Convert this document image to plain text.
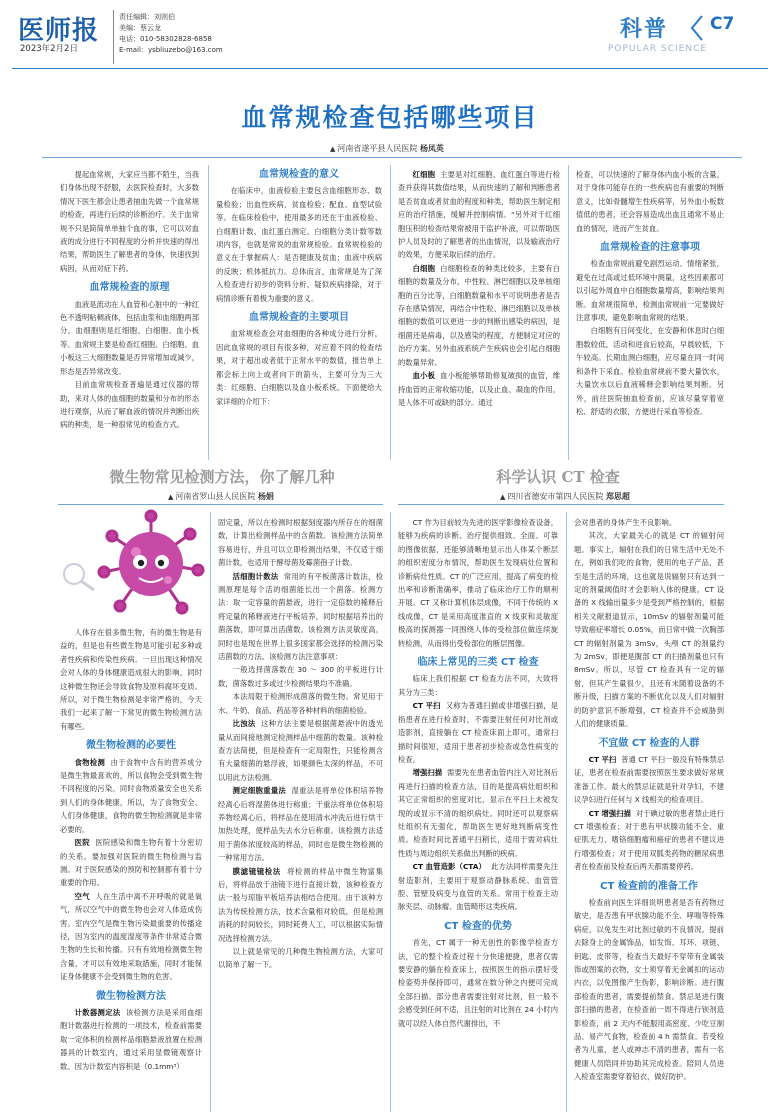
医师报
2023年2月2日
责任编辑：刘则伯
美编：蔡云龙
电话：010-58302828-6858
E-mail：ysbliuzebo@163.com
科普 C7
POPULAR SCIENCE
血常规检查包括哪些项目
▲ 河南省遂平县人民医院 杨凤英

提起血常规，大家应当都不陌生，当我们身体出现不舒服，去医院检查时，大多数情况下医生都会让患者抽血先做一个血常规的检查，再进行后续的诊断治疗。关于血常规不只是简简单单抽个血的事，它可以对血液的成分进行不同程度的分析并快速的得出结果，帮助医生了解患者的身体，快速找到病因，从而对症下药。

血常规检查的原理

血液是流动在人血管和心脏中的一种红色不透明粘稠液体，包括血浆和血细胞两部分，血细胞则是红细胞、白细胞、血小板等。血常规主要是检查红细胞、白细胞、血小板这三大细胞数量是否异常增加或减少，形态是否异常改变。

目前血常规检查普遍是通过仪器的帮助，来对人体的血细胞的数量和分布的形态进行观察，从而了解血液的情况并判断出疾病的种类，是一种很常见的检查方式。

血常规检查的意义

在临床中，血液检验主要包含血细胞形态、数量检验；出血性疾病、贫血检验；配血、血型试验等。在临床检验中，使用最多的还在于血液检验、白细胞计数、血红蛋白测定、白细胞分类计数等数项内容，也就是常说的血常规检验。血常规检验的意义在于掌握病人：是否健康及贫血；血液中疾病的反映；机体抵抗力。总体而言，血常规是为了深入检查进行初步的资料分析、疑似疾病排除，对于病情诊断有着极为重要的意义。

血常规检查的主要项目

血常规检查会对血细胞的各种成分进行分析，因此血常规的项目有很多种，对应着不同的检查结果，对于超出或者低于正常水平的数值，报告单上都会标上向上或者向下的箭头，主要可分为三大类：红细胞、白细胞以及血小板系统。下面便给大家详细的介绍下：

红细胞 主要是对红细胞、血红蛋白等进行检查并获得其数值结果，从而快速的了解和判断患者是否贫血或者贫血的程度和种类，帮助医生制定相应的治疗措施，缓解并控制病情。“另外对于红细胞压积的检查结果常被用于监护补液，可以帮助医护人员及时的了解患者的出血情况，以及输液治疗的效果，方便采取后续的治疗。

白细胞 白细胞检查的种类比较多，主要有白细胞的数量及分布，中性粒、淋巴细胞以及单核细胞的百分比等，白细胞数量和水平可说明患者是否存在感染情况，再结合中性粒、淋巴细胞以及单核细胞的数值可以更进一步的判断出感染的病因，是细菌还是病毒，以及感染的程度，方便制定对应的治疗方案。另外血液系统产生疾病也会引起白细胞的数量异常。

血小板 血小板能够帮助修复破损的血管，维持血管的正常收缩功能，以及止血、凝血的作用，是人体不可或缺的部分。通过

检查，可以快速的了解身体内血小板的含量，对于身体可能存在的一些疾病也有重要的判断意义，比如骨髓增生性疾病等，另外血小板数值低的患者，还会容易造成出血且通常不易止血的情况，进而产生贫血。

血常规检查的注意事项

检查血常规前避免剧烈运动、情绪紧张，避免在过高或过低环境中测量，这些因素都可以引起外周血中白细胞数量增高，影响结果判断。血常规很简单，检测血常规前一定要做好注意事项，避免影响血常规的结果。

白细胞有日间变化，在安静和休息时白细胞数较低，活动和进食后较高，早晨较低，下午较高。长期血测白细胞，应尽量在同一时间和条件下采血。检验血常规前不要大量饮水，大量饮水以后血液稀释会影响结果判断。另外，前往医院抽血检查前，应该尽量穿着宽松、舒适的衣服，方便进行采血等检查。

微生物常见检测方法，你了解几种
▲ 河南省罗山县人民医院 杨娟

人体存在很多微生物，有的微生物是有益的，但是也有些微生物是可能引起多种或者性疾病和传染性疾病。一旦出现这种情况会对人体的身体健康造成很大的影响，同时这种微生物还会导致食物及原料腐坏变质。所以，对于微生物检测是非常严格的，今天我们一起来了解一下常见的微生物检测方法有哪些。

微生物检测的必要性

食物检测 由于食物中含有的营养成分是微生物最喜欢的，所以食物会受到微生物不同程度的污染。同时食物质量安全也关系到人们的身体健康，所以，为了食物安全、人们身体健康，食物的微生物检测就是非常必要的。

医院 医院感染和微生物有着十分密切的关系，要加强对医院的微生物检测与监测。对于医院感染的预防和控制都有着十分重要的作用。

空气 人在生活中离不开呼吸的就是氧气，所以空气中的微生物也会对人体造成伤害。室内空气是微生物污染最重要的传播途径，因为室内的温度湿度等条件非常适合微生物的生长和传播。只有有效地检测微生物含量，才可以有效地采取措施，同时才能保证身体健康不会受到微生物的危害。

微生物检测方法

计数器测定法 该检测方法是采用血细胞计数器进行检测的一项技术，检查前需要取一定体积的检测样品细胞悬液放置在检测器具的计数室内，通过采用显微镜观察计数。因为计数室内容积是（0.1mm³）

固定量，所以在检测时根据刻度器内所存在的细菌数，计算出检测样品中的含菌数。该检测方法简单容易进行，并且可以立即检测出结果，不仅适于细菌计数，也适用于酵母菌及霉菌孢子计数。

活细胞计数法 常用的有平板菌落计数法，检测原理是每个活的细菌能长出一个菌落。检测方法：取一定容量的菌悬液，进行一定倍数的稀释后将定量的稀释液进行平板培养，同时根据培养出的菌落数，即可算出活菌数。该检测方法灵敏度高，同时也是现在世界上很多国家都会选择的检测污染活菌数的方法。该检测方法注意事项：

一般选择菌落数在 30 ～ 300 的平板进行计数，菌落数过多或过少检测结果均不准确。

本法局限于检测形成菌落的微生物。常见用于水、牛奶、食品、药品等各种材料的细菌检验。

比浊法 这种方法主要是根据菌悬液中的透光量从而间接地测定检测样品中细菌的数量。该种检查方法简便，但是检查有一定局限性，只能检测含有大量细菌的悬浮液，如果颜色太深的样品，不可以用此方法检测。

测定细胞重量法 湿重法是将单位体积培养物经离心后将湿菌体进行称重；干重法将单位体积培养物经离心后，将样品在使用清水冲洗后进行烘干加热处理，使样品失去水分后称重。该检测方法适用于菌体浓度较高的样品，同时也是微生物检测的一种常用方法。

膜滤镜镜检法 将检测的样品中微生物富集后，将样品放于油镜下进行直接计数，该种检查方法一般与琼脂平板培养法相结合使用。由于该种方法为传统检测方法，技术含量相对较低，但是检测消耗的时间较长，同时耗费人工，可以根据实际情况选择检测方法。

以上就是常见的几种微生物检测方法，大家可以简单了解一下。

科学认识 CT 检查
▲ 四川省德安市第四人民医院 郑思超

CT 作为目前较为先进的医学影像检查设备，能够为疾病的诊断、治疗提供细致、全面、可靠的图像依据，还能够清晰地显示出人体某个断层的组织密度分布情况，帮助医生发现病灶位置和诊断病灶性质。CT 的广泛应用，提高了病变的检出率和诊断准确率，推动了临床治疗工作的顺利开展。CT 又称计算机体层成像，不同于传统的 X 线成像，CT 是采用高度准直的 X 线束和灵敏度极高的探测器一同围绕人体的受检部位做连续旋转检测，从而得出受检部位的断层图像。

临床上常见的三类 CT 检查

临床上我们根据 CT 检查方法不同，大致将其分为三类：

CT 平扫 又称为普通扫描或非增强扫描，是指患者在进行检查时，不需要注射任何对比剂或造影剂，直接躺在 CT 检查床面上即可，通常扫描时间很短，适用于患者初步检查或急性病变的检查。

增强扫描 需要先在患者血管内注入对比剂后再进行扫描的检查方法，目的是提高病灶组织和其它正常组织的密度对比，显示在平扫上未被发现的或显示不清的组织病灶。同时还可以观察病灶组织有无强化，帮助医生更好地判断病变性质。检查时间比普通平扫稍长，适用于需对病灶性质与周边组织关系做出判断的疾病。

CT 血管造影（CTA） 此方法同样需要先注射造影剂，主要用于观察动静脉系统、血管管腔、管壁及病变与血管的关系。常用于检查主动脉夹层、动脉瘤、血管畸形这类疾病。

CT 检查的优势

首先，CT 属于一种无创性的影像学检查方法，它的整个检查过程十分快速便捷，患者仅需要安静的躺在检查床上，按照医生的指示摆好受检姿势并保持即可，通常在数分钟之内便可完成全部扫描。部分患者需要注射对比剂，但一般不会感受到任何不适，且注射的对比剂在 24 小时内就可以经人体自然代谢排出，不

会对患者的身体产生不良影响。

其次，大家最关心的就是 CT 的辐射问题。事实上，辐射在我们的日常生活中无处不在，例如我们吃的食物，使用的电子产品，甚至是生活的环境，这也就是说辐射只有达到一定的剂量阈值时才会影响人体的健康。CT 设备的 X 线输出量多少是受到严格控制的，根据相关文献报道显示，10mSv 的辐射剂量可能导致癌症率增长 0.05%，而日常中做一次胸部 CT 的辐射剂量为 3mSv，头颅 CT 的剂量约为 2mSv，即便是腹部 CT 的扫描剂量也只有 8mSv。所以，尽管 CT 检查具有一定的辐射，但其产生量很少，且还有未随着设备的不断升级，扫描方案的不断优化以及人们对辐射的防护意识不断增强，CT 检查并不会威胁到人们的健康质量。

不宜做 CT 检查的人群

CT 平扫 普通 CT 平扫一般没有特殊禁忌证，患者在检查前需要按照医生要求做好常规准备工作。最大的禁忌证就是针对孕妇，不建议孕妇进行任何与 X 线相关的检查项目。

CT 增强扫描 对于碘过敏的患者禁止进行 CT 增强检查；对于患有甲状腺功能不全、重症肌无力、嗜铬细胞瘤和癌症的患者不建议进行增强检查；对于使用双胍类药物的糖尿病患者在检查前及检查后两天都需要停药。

CT 检查前的准备工作

检查前向医生详细说明患者是否有药物过敏史，是否患有甲状腺功能不全、哮喘等特殊病症，以免发生对比剂过敏的不良情况。提前去除身上的金属饰品，如发饰、耳环、项链、钥匙、皮带等，检查当天最好不穿带有金属装饰或图案的衣物，女士须穿着无金属扣的运动内衣，以免图像产生伪影，影响诊断。进行腹部检查的患者，需要提前禁食。禁忌是进行腹部扫描的患者，在检查前一周不得进行钡剂造影检查，前 2 天内不能服用高密度、少吃豆制品、易产气食物，检查前 4 h 需禁食。若受检者为儿童、老人或神志不清的患者，需有一名健康人员陪同并协助其完成检查。陪同人员进入检查室需要穿着铅衣，做好防护。
